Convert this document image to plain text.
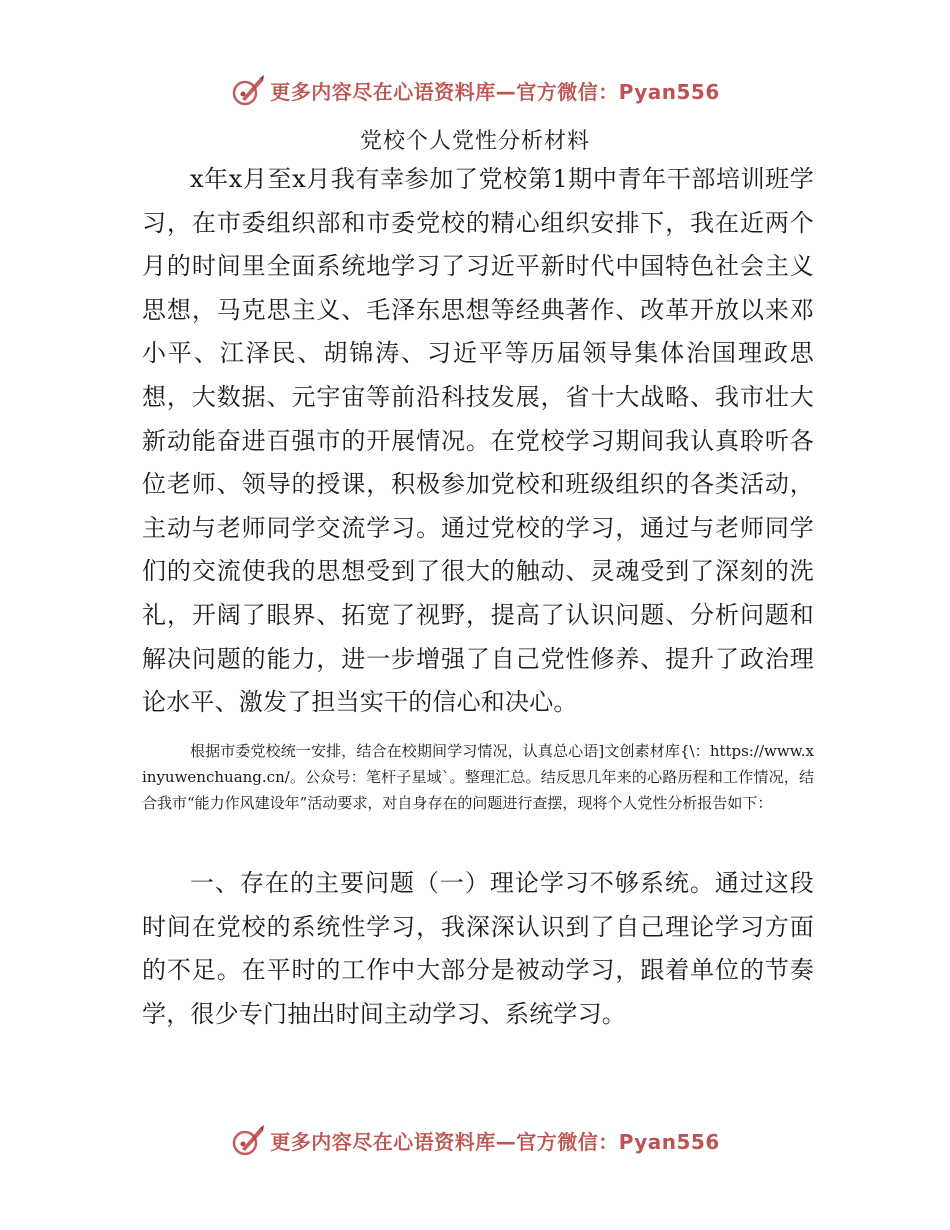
更多内容尽在心语资料库—官方微信：Pyan556
党校个人党性分析材料

x年x月至x月我有幸参加了党校第1期中青年干部培训班学习，在市委组织部和市委党校的精心组织安排下，我在近两个月的时间里全面系统地学习了习近平新时代中国特色社会主义思想，马克思主义、毛泽东思想等经典著作、改革开放以来邓小平、江泽民、胡锦涛、习近平等历届领导集体治国理政思想，大数据、元宇宙等前沿科技发展，省十大战略、我市壮大新动能奋进百强市的开展情况。在党校学习期间我认真聆听各位老师、领导的授课，积极参加党校和班级组织的各类活动，主动与老师同学交流学习。通过党校的学习，通过与老师同学们的交流使我的思想受到了很大的触动、灵魂受到了深刻的洗礼，开阔了眼界、拓宽了视野，提高了认识问题、分析问题和解决问题的能力，进一步增强了自己党性修养、提升了政治理论水平、激发了担当实干的信心和决心。

根据市委党校统一安排，结合在校期间学习情况，认真总心语]文创素材库{\：https://www.xinyuwenchuang.cn/。公众号：笔杆子星域`。整理汇总。结反思几年来的心路历程和工作情况，结合我市“能力作风建设年”活动要求，对自身存在的问题进行查摆，现将个人党性分析报告如下：

一、存在的主要问题（一）理论学习不够系统。通过这段时间在党校的系统性学习，我深深认识到了自己理论学习方面的不足。在平时的工作中大部分是被动学习，跟着单位的节奏学，很少专门抽出时间主动学习、系统学习。

更多内容尽在心语资料库—官方微信：Pyan556
